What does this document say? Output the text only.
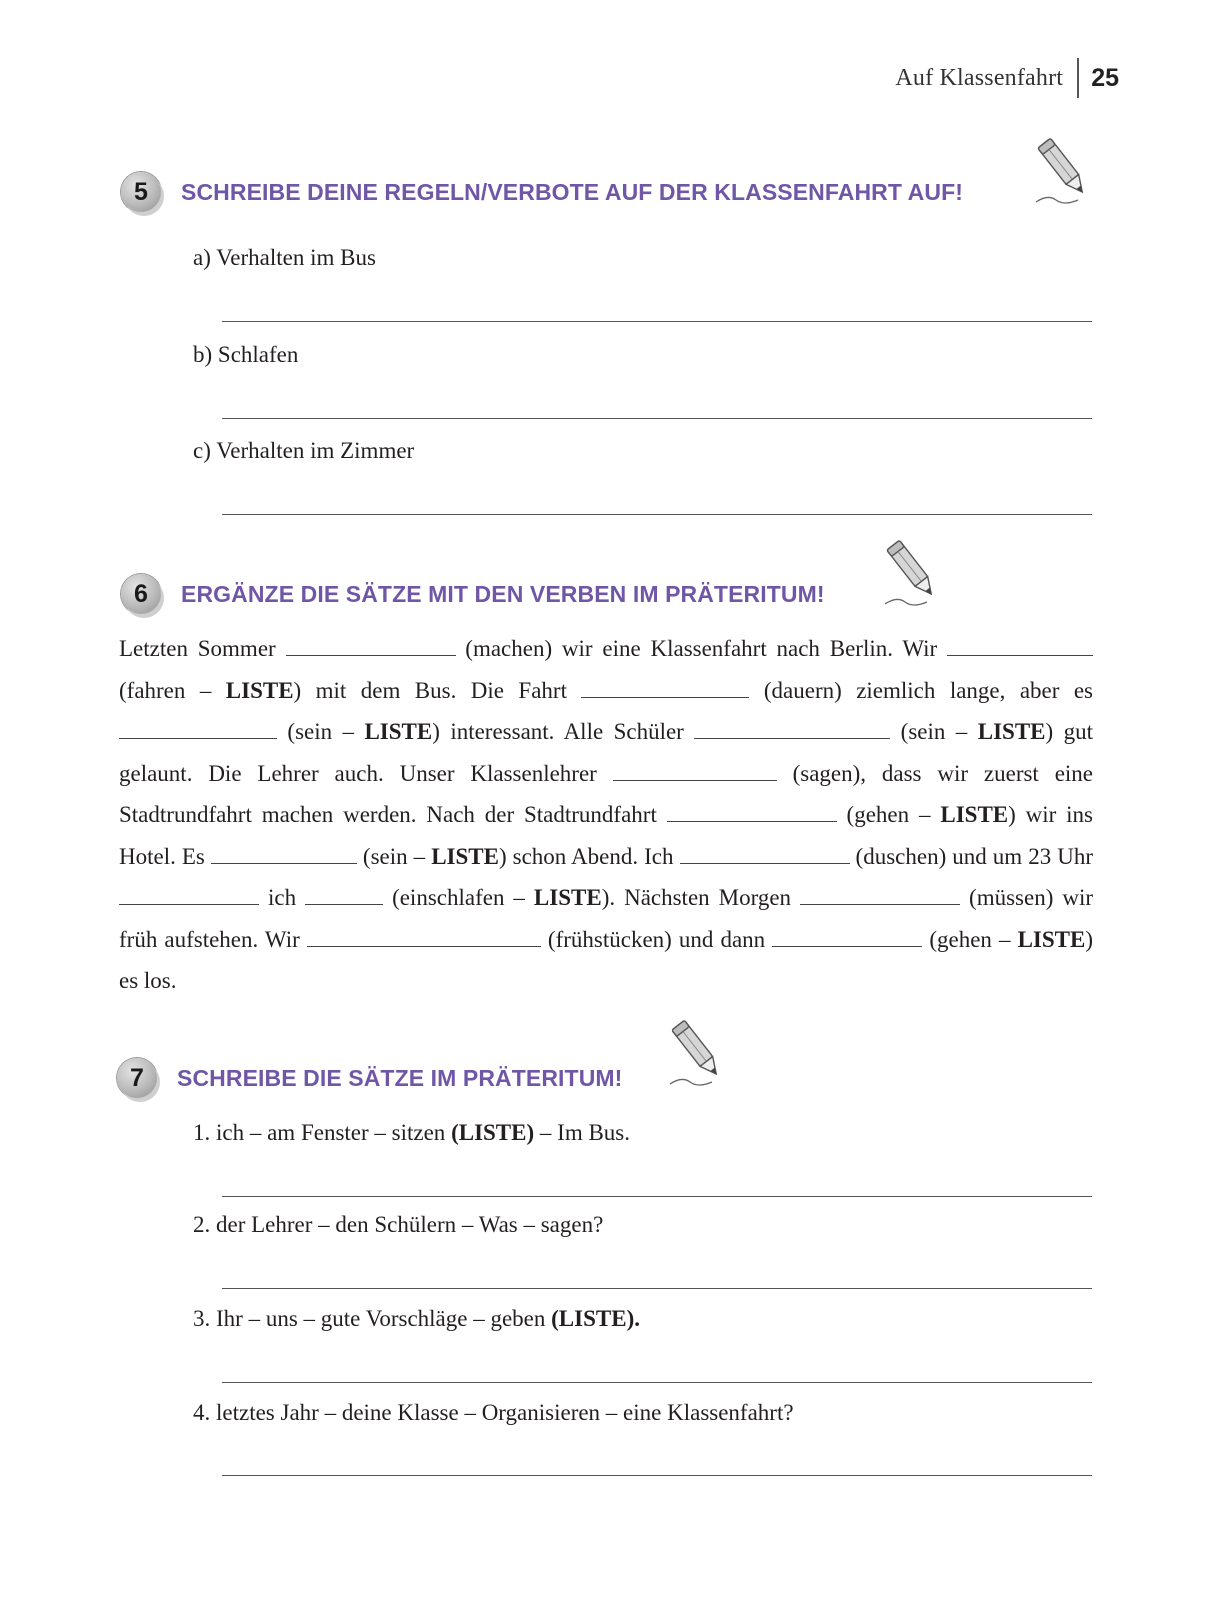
Auf Klassenfahrt	25
5	SCHREIBE DEINE REGELN/VERBOTE AUF DER KLASSENFAHRT AUF!
a) Verhalten im Bus
b) Schlafen
c) Verhalten im Zimmer
6	ERGÄNZE DIE SÄTZE MIT DEN VERBEN IM PRÄTERITUM!
Letzten Sommer	(machen) wir eine Klassenfahrt nach Berlin. Wir  (fahren – LISTE) mit dem Bus. Die Fahrt	(dauern) ziemlich lange, aber es  (sein – LISTE) interessant. Alle Schüler	(sein – LISTE) gut gelaunt. Die Lehrer auch. Unser Klassenlehrer	(sagen), dass wir zuerst eine Stadtrundfahrt machen werden. Nach der Stadtrundfahrt	(gehen – LISTE) wir ins Hotel. Es	(sein – LISTE) schon Abend. Ich	(duschen) und um 23 Uhr  ich	(einschlafen – LISTE). Nächsten Morgen	(müssen) wir früh aufstehen. Wir	(frühstücken) und dann	(gehen – LISTE) es los.
7	SCHREIBE DIE SÄTZE IM PRÄTERITUM!
1. ich – am Fenster – sitzen (LISTE) – Im Bus.
2. der Lehrer – den Schülern – Was – sagen?
3. Ihr – uns – gute Vorschläge – geben (LISTE).
4. letztes Jahr – deine Klasse – Organisieren – eine Klassenfahrt?
